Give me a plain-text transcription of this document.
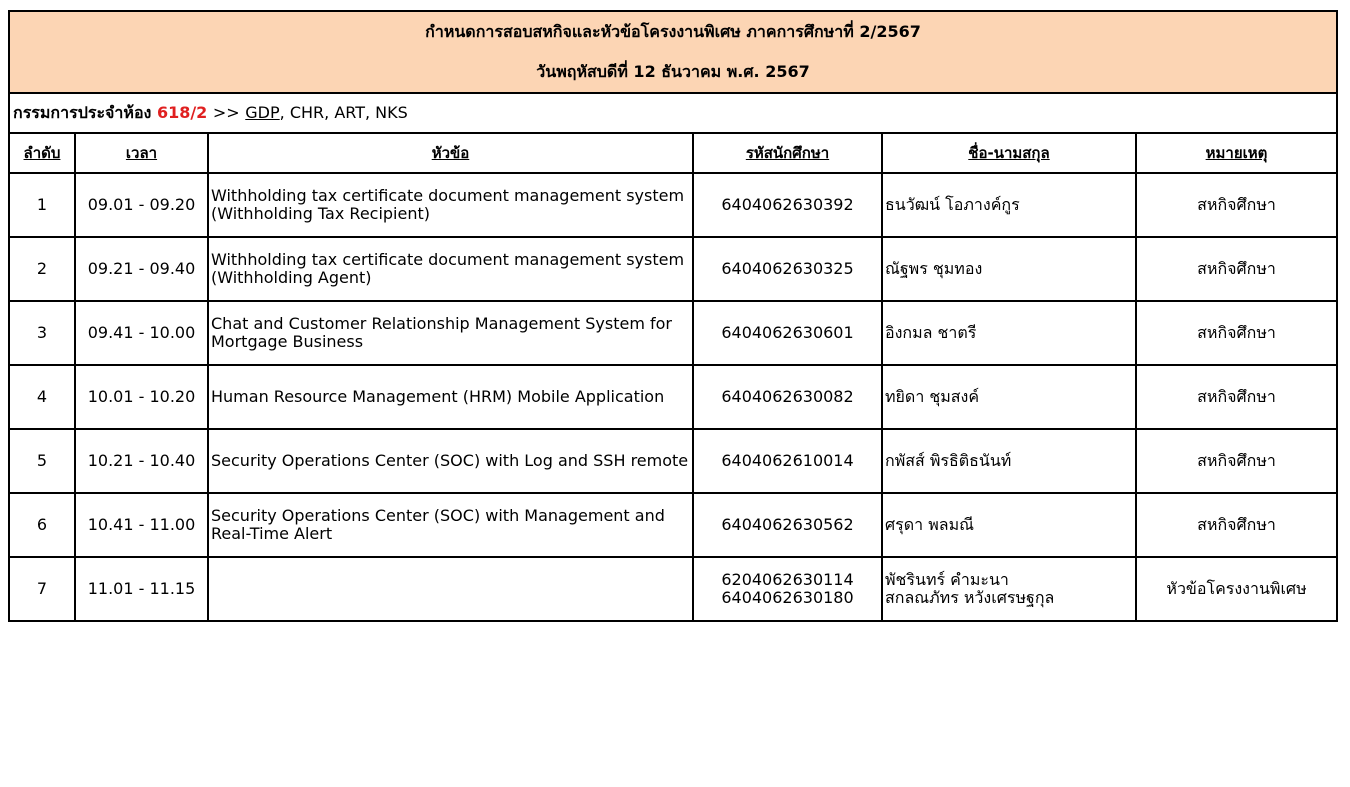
กำหนดการสอบสหกิจและหัวข้อโครงงานพิเศษ ภาคการศึกษาที่ 2/2567
วันพฤหัสบดีที่ 12 ธันวาคม พ.ศ. 2567					

กรรมการประจำห้อง 618/2 >> GDP, CHR, ART, NKS					
ลำดับ	เวลา	หัวข้อ	รหัสนักศึกษา	ชื่อ-นามสกุล	หมายเหตุ
1	09.01 - 09.20	Withholding tax certificate document management system
(Withholding Tax Recipient)	6404062630392	ธนวัฒน์ โอภางค์กูร	สหกิจศึกษา
2	09.21 - 09.40	Withholding tax certificate document management system
(Withholding Agent)	6404062630325	ณัฐพร ชุมทอง	สหกิจศึกษา
3	09.41 - 10.00	Chat and Customer Relationship Management System for
Mortgage Business	6404062630601	อิงกมล ชาตรี	สหกิจศึกษา
4	10.01 - 10.20	Human Resource Management (HRM) Mobile Application	6404062630082	ทยิดา ชุมสงค์	สหกิจศึกษา
5	10.21 - 10.40	Security Operations Center (SOC) with Log and SSH remote	6404062610014	กพัสส์ พิรธิติธนันท์	สหกิจศึกษา
6	10.41 - 11.00	Security Operations Center (SOC) with Management and
Real-Time Alert	6404062630562	ศรุดา พลมณี	สหกิจศึกษา
7	11.01 - 11.15		6204062630114
6404062630180	พัชรินทร์ คำมะนา
สกลณภัทร หวังเศรษฐกุล	หัวข้อโครงงานพิเศษ
